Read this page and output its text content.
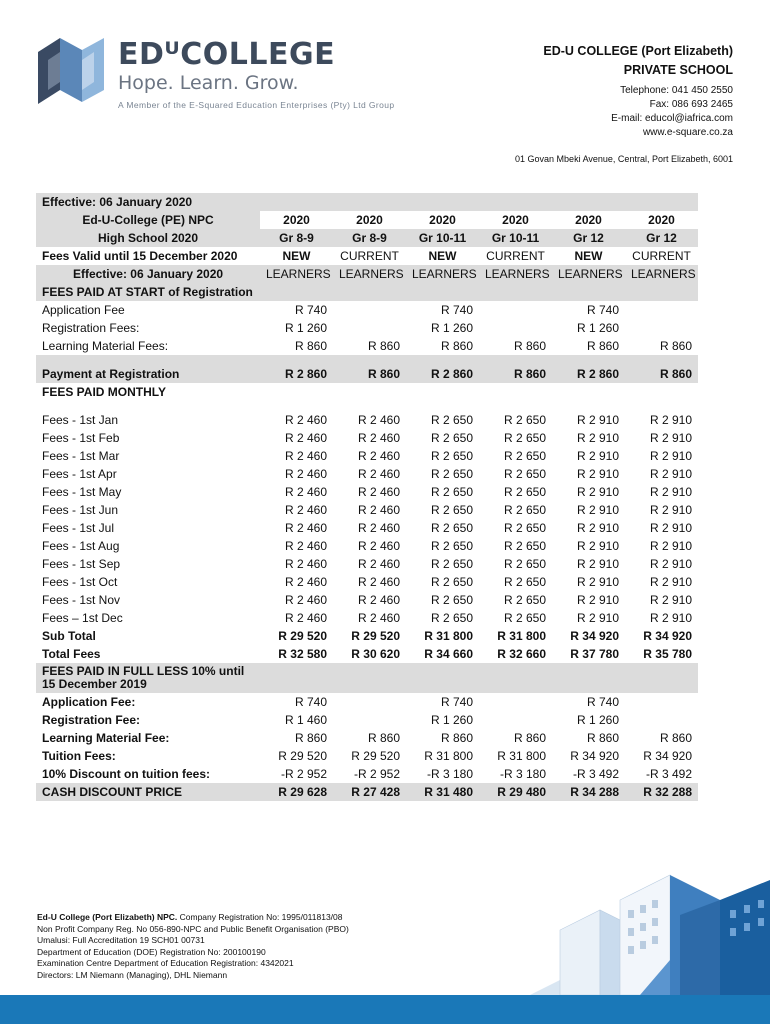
EDᵁCOLLEGE
Hope. Learn. Grow.
A Member of the E-Squared Education Enterprises (Pty) Ltd Group
ED-U COLLEGE (Port Elizabeth)
PRIVATE SCHOOL
Telephone: 041 450 2550
Fax: 086 693 2465
E-mail: educol@iafrica.com
www.e-square.co.za
01 Govan Mbeki Avenue, Central, Port Elizabeth, 6001
Effective: 06 January 2020						
Ed-U-College (PE) NPC	2020	2020	2020	2020	2020	2020
High School 2020	Gr 8-9	Gr 8-9	Gr 10-11	Gr 10-11	Gr 12	Gr 12
Fees Valid until 15 December 2020	NEW	CURRENT	NEW	CURRENT	NEW	CURRENT
Effective: 06 January 2020	LEARNERS	LEARNERS	LEARNERS	LEARNERS	LEARNERS	LEARNERS
FEES PAID AT START of Registration						
Application Fee	R 740		R 740		R 740	
Registration Fees:	R 1 260		R 1 260		R 1 260	
Learning Material Fees:	R 860	R 860	R 860	R 860	R 860	R 860

Payment at Registration	R 2 860	R 860	R 2 860	R 860	R 2 860	R 860
FEES PAID MONTHLY						

Fees - 1st Jan	R 2 460	R 2 460	R 2 650	R 2 650	R 2 910	R 2 910
Fees - 1st Feb	R 2 460	R 2 460	R 2 650	R 2 650	R 2 910	R 2 910
Fees - 1st Mar	R 2 460	R 2 460	R 2 650	R 2 650	R 2 910	R 2 910
Fees - 1st Apr	R 2 460	R 2 460	R 2 650	R 2 650	R 2 910	R 2 910
Fees - 1st May	R 2 460	R 2 460	R 2 650	R 2 650	R 2 910	R 2 910
Fees - 1st Jun	R 2 460	R 2 460	R 2 650	R 2 650	R 2 910	R 2 910
Fees - 1st Jul	R 2 460	R 2 460	R 2 650	R 2 650	R 2 910	R 2 910
Fees - 1st Aug	R 2 460	R 2 460	R 2 650	R 2 650	R 2 910	R 2 910
Fees - 1st Sep	R 2 460	R 2 460	R 2 650	R 2 650	R 2 910	R 2 910
Fees - 1st Oct	R 2 460	R 2 460	R 2 650	R 2 650	R 2 910	R 2 910
Fees - 1st Nov	R 2 460	R 2 460	R 2 650	R 2 650	R 2 910	R 2 910
Fees – 1st Dec	R 2 460	R 2 460	R 2 650	R 2 650	R 2 910	R 2 910
Sub Total	R 29 520	R 29 520	R 31 800	R 31 800	R 34 920	R 34 920
Total Fees	R 32 580	R 30 620	R 34 660	R 32 660	R 37 780	R 35 780
FEES PAID IN FULL LESS 10% until 15 December 2019						
Application Fee:	R 740		R 740		R 740	
Registration Fee:	R 1 460		R 1 260		R 1 260	
Learning Material Fee:	R 860	R 860	R 860	R 860	R 860	R 860
Tuition Fees:	R 29 520	R 29 520	R 31 800	R 31 800	R 34 920	R 34 920
10% Discount on tuition fees:	-R 2 952	-R 2 952	-R 3 180	-R 3 180	-R 3 492	-R 3 492
CASH DISCOUNT PRICE	R 29 628	R 27 428	R 31 480	R 29 480	R 34 288	R 32 288
Ed-U College (Port Elizabeth) NPC. Company Registration No: 1995/011813/08
Non Profit Company Reg. No 056-890-NPC and Public Benefit Organisation (PBO)
Umalusi: Full Accreditation 19 SCH01 00731
Department of Education (DOE) Registration No: 200100190
Examination Centre Department of Education Registration: 4342021
Directors: LM Niemann (Managing), DHL Niemann
